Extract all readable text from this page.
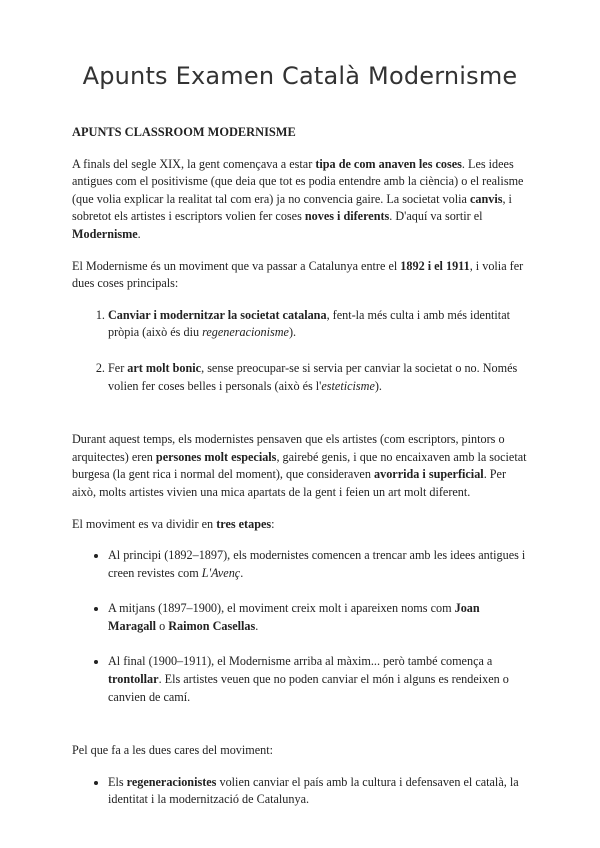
Apunts Examen Català Modernisme
APUNTS CLASSROOM MODERNISME

A finals del segle XIX, la gent començava a estar tipa de com anaven les coses. Les idees antigues com el positivisme (que deia que tot es podia entendre amb la ciència) o el realisme (que volia explicar la realitat tal com era) ja no convencia gaire. La societat volia canvis, i sobretot els artistes i escriptors volien fer coses noves i diferents. D'aquí va sortir el Modernisme.

El Modernisme és un moviment que va passar a Catalunya entre el 1892 i el 1911, i volia fer dues coses principals:

1. Canviar i modernitzar la societat catalana, fent-la més culta i amb més identitat pròpia (això és diu regeneracionisme).
2. Fer art molt bonic, sense preocupar-se si servia per canviar la societat o no. Només volien fer coses belles i personals (això és l'esteticisme).

Durant aquest temps, els modernistes pensaven que els artistes (com escriptors, pintors o arquitectes) eren persones molt especials, gairebé genis, i que no encaixaven amb la societat burgesa (la gent rica i normal del moment), que consideraven avorrida i superficial. Per això, molts artistes vivien una mica apartats de la gent i feien un art molt diferent.

El moviment es va dividir en tres etapes:

• Al principi (1892–1897), els modernistes comencen a trencar amb les idees antigues i creen revistes com L'Avenç.
• A mitjans (1897–1900), el moviment creix molt i apareixen noms com Joan Maragall o Raimon Casellas.
• Al final (1900–1911), el Modernisme arriba al màxim... però també comença a trontollar. Els artistes veuen que no poden canviar el món i alguns es rendeixen o canvien de camí.

Pel que fa a les dues cares del moviment:

• Els regeneracionistes volien canviar el país amb la cultura i defensaven el català, la identitat i la modernització de Catalunya.
